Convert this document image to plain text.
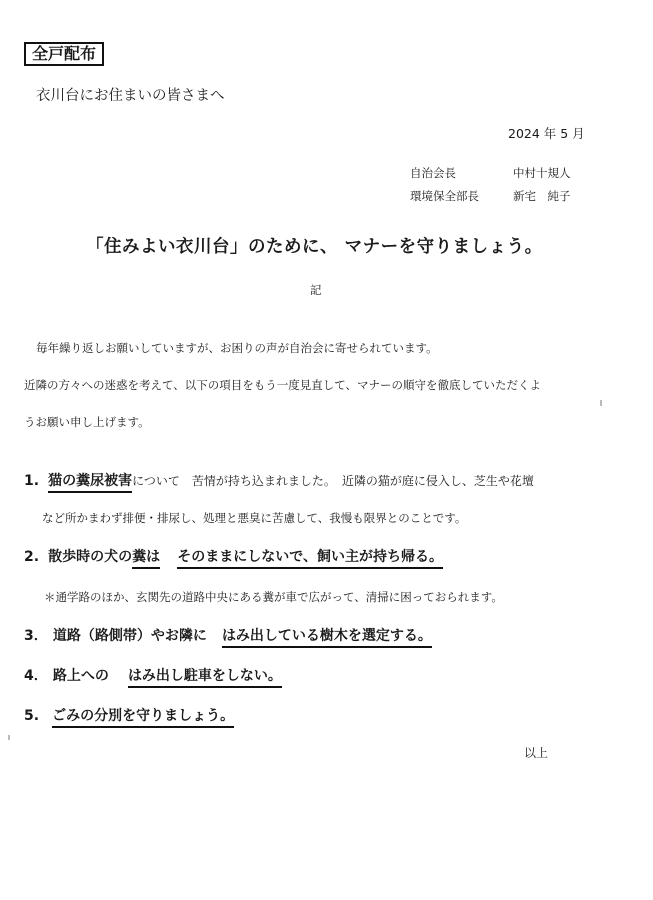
全戸配布
衣川台にお住まいの皆さまへ
2024 年 5 月
自治会長	中村十規人
環境保全部長	新宅　純子
「住みよい衣川台」のために、 マナーを守りましょう。
記
毎年繰り返しお願いしていますが、お困りの声が自治会に寄せられています。
近隣の方々への迷惑を考えて、以下の項目をもう一度見直して、マナーの順守を徹底していただくよ
うお願い申し上げます。
1. 猫の糞尿被害について　苦情が持ち込まれました。　近隣の猫が庭に侵入し、芝生や花壇
など所かまわず排便・排尿し、処理と悪臭に苦慮して、我慢も限界とのことです。
2. 散歩時の犬の糞は そのままにしないで、飼い主が持ち帰る。
＊通学路のほか、玄関先の道路中央にある糞が車で広がって、清掃に困っておられます。
3． 道路（路側帯）やお隣に はみ出している樹木を選定する。
4． 路上への はみ出し駐車をしない。
5. ごみの分別を守りましょう。
以上
